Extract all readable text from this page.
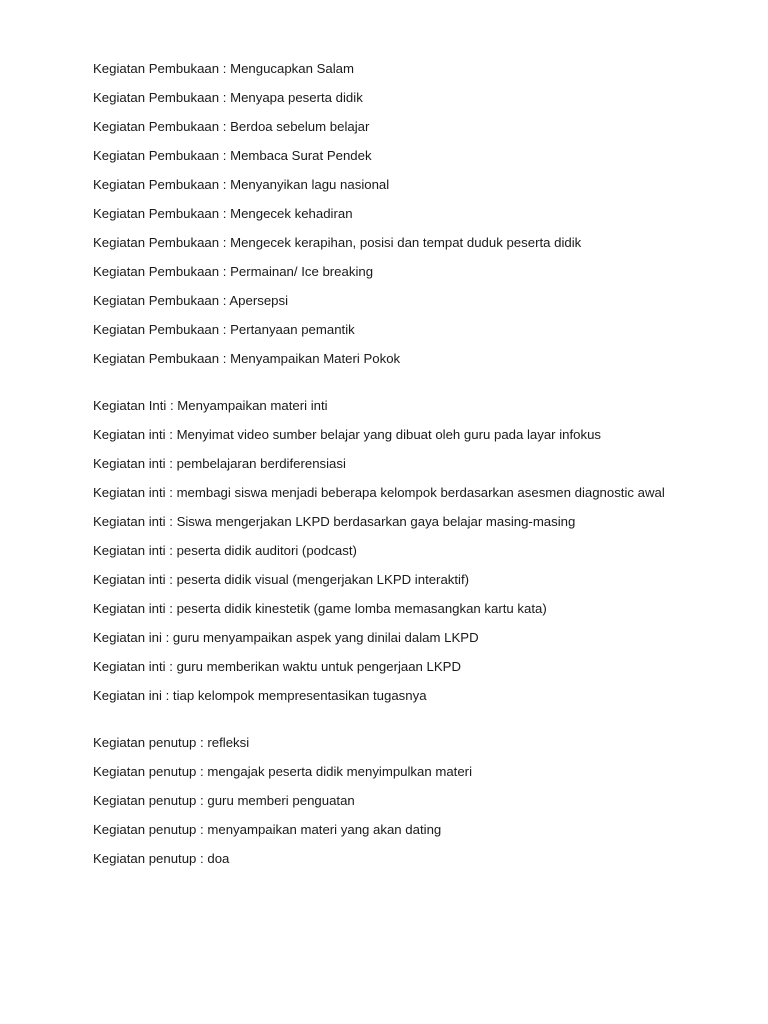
Kegiatan Pembukaan : Mengucapkan Salam

Kegiatan Pembukaan : Menyapa peserta didik

Kegiatan Pembukaan : Berdoa sebelum belajar

Kegiatan Pembukaan : Membaca Surat Pendek

Kegiatan Pembukaan : Menyanyikan lagu nasional

Kegiatan Pembukaan : Mengecek kehadiran

Kegiatan Pembukaan : Mengecek kerapihan, posisi dan tempat duduk peserta didik

Kegiatan Pembukaan : Permainan/ Ice breaking

Kegiatan Pembukaan : Apersepsi

Kegiatan Pembukaan : Pertanyaan pemantik

Kegiatan Pembukaan : Menyampaikan Materi Pokok

Kegiatan Inti : Menyampaikan materi inti

Kegiatan inti : Menyimat video sumber belajar yang dibuat oleh guru pada layar infokus

Kegiatan inti : pembelajaran berdiferensiasi

Kegiatan inti : membagi siswa menjadi beberapa kelompok berdasarkan asesmen diagnostic awal

Kegiatan inti : Siswa mengerjakan LKPD berdasarkan gaya belajar masing-masing

Kegiatan inti : peserta didik auditori (podcast)

Kegiatan inti : peserta didik visual (mengerjakan LKPD interaktif)

Kegiatan inti : peserta didik kinestetik (game lomba memasangkan kartu kata)

Kegiatan ini : guru menyampaikan aspek yang dinilai dalam LKPD

Kegiatan inti : guru memberikan waktu untuk pengerjaan LKPD

Kegiatan ini : tiap kelompok mempresentasikan tugasnya

Kegiatan penutup : refleksi

Kegiatan penutup : mengajak peserta didik menyimpulkan materi

Kegiatan penutup : guru memberi penguatan

Kegiatan penutup : menyampaikan materi yang akan dating

Kegiatan penutup : doa
